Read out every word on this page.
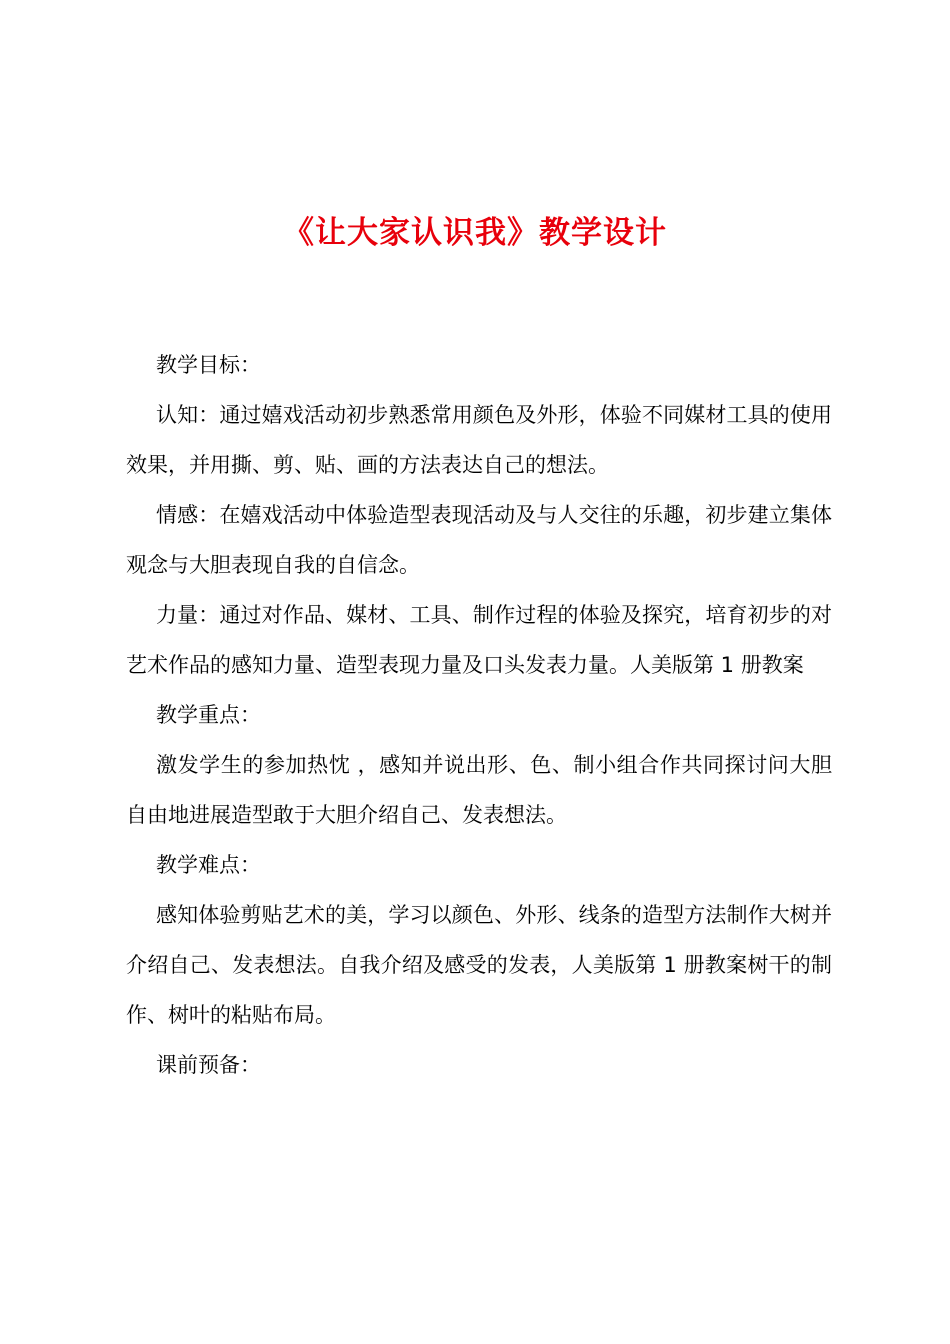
《让大家认识我》教学设计

教学目标：

认知：通过嬉戏活动初步熟悉常用颜色及外形，体验不同媒材工具的使用效果，并用撕、剪、贴、画的方法表达自己的想法。

情感：在嬉戏活动中体验造型表现活动及与人交往的乐趣，初步建立集体观念与大胆表现自我的自信念。

力量：通过对作品、媒材、工具、制作过程的体验及探究，培育初步的对艺术作品的感知力量、造型表现力量及口头发表力量。人美版第 1 册教案

教学重点：

激发学生的参加热忱 ，感知并说出形、色、制小组合作共同探讨问大胆自由地进展造型敢于大胆介绍自己、发表想法。

教学难点：

感知体验剪贴艺术的美，学习以颜色、外形、线条的造型方法制作大树并介绍自己、发表想法。自我介绍及感受的发表，人美版第 1 册教案树干的制作、树叶的粘贴布局。

课前预备：
